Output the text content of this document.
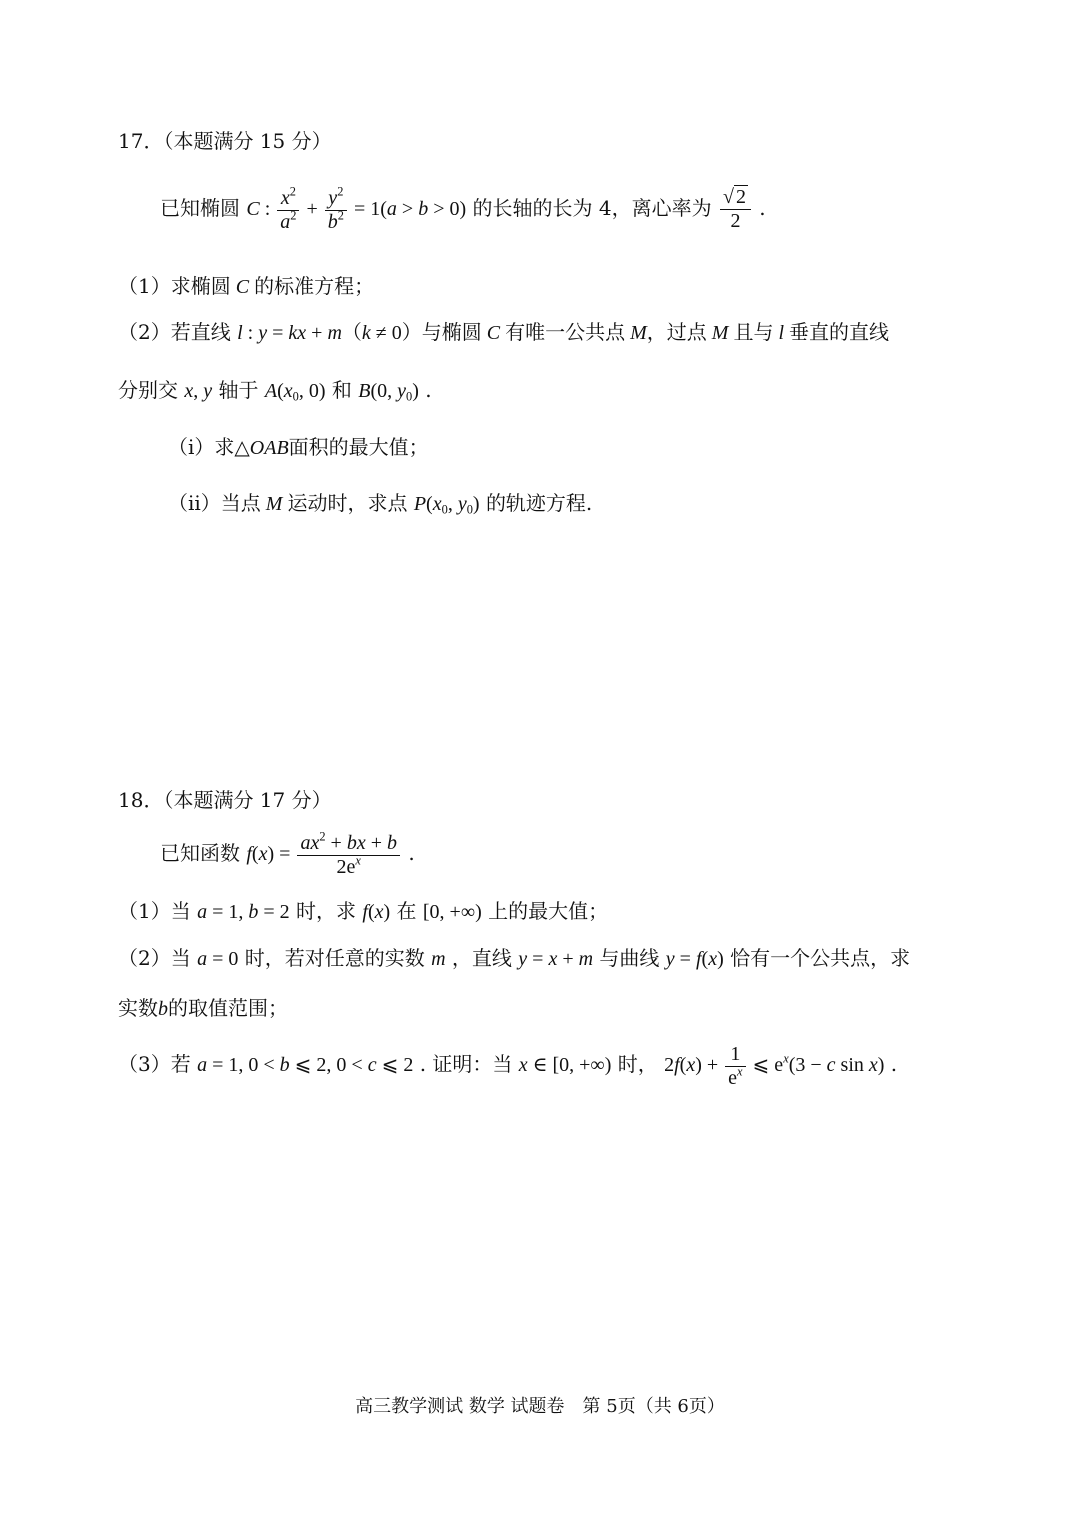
17．（本题满分 15 分）
已知椭圆 C : $\frac{x^2}{a^2} + \frac{y^2}{b^2} = 1(a > b > 0)$ 的长轴的长为 4，离心率为 $\frac{√ 2}{2}$ .
（1）求椭圆 C 的标准方程；
（2）若直线 l : y = kx + m（k ≠ 0）与椭圆 C 有唯一公共点 M，过点 M 且与 l 垂直的直线
分别交 x, y 轴于 $A(x_0$, 0) 和 B(0, $y_0$) .
（i）求△OAB面积的最大值；
（ii）当点 M 运动时，求点 $P(x_0$, $y_0$) 的轨迹方程.
18．（本题满分 17 分）
已知函数 $f(x) = \frac{ax^2 + bx + b}{2e^x}$ .
（1）当 a = 1, b = 2 时，求 f(x) 在 [0, +∞) 上的最大值；
（2）当 a = 0 时，若对任意的实数 m ，直线 y = x + m 与曲线 y = f(x) 恰有一个公共点，求
实数b的取值范围；
（3）若 a = 1, 0 < b ⩽ 2, 0 < c ⩽ 2 . 证明：当 x ∈ [0, +∞) 时， $2f(x) + \frac{1}{e^x}$ ⩽ $e^x(3 - c$ sin x) .
高三教学测试 数学 试题卷　第 5页（共 6页）
